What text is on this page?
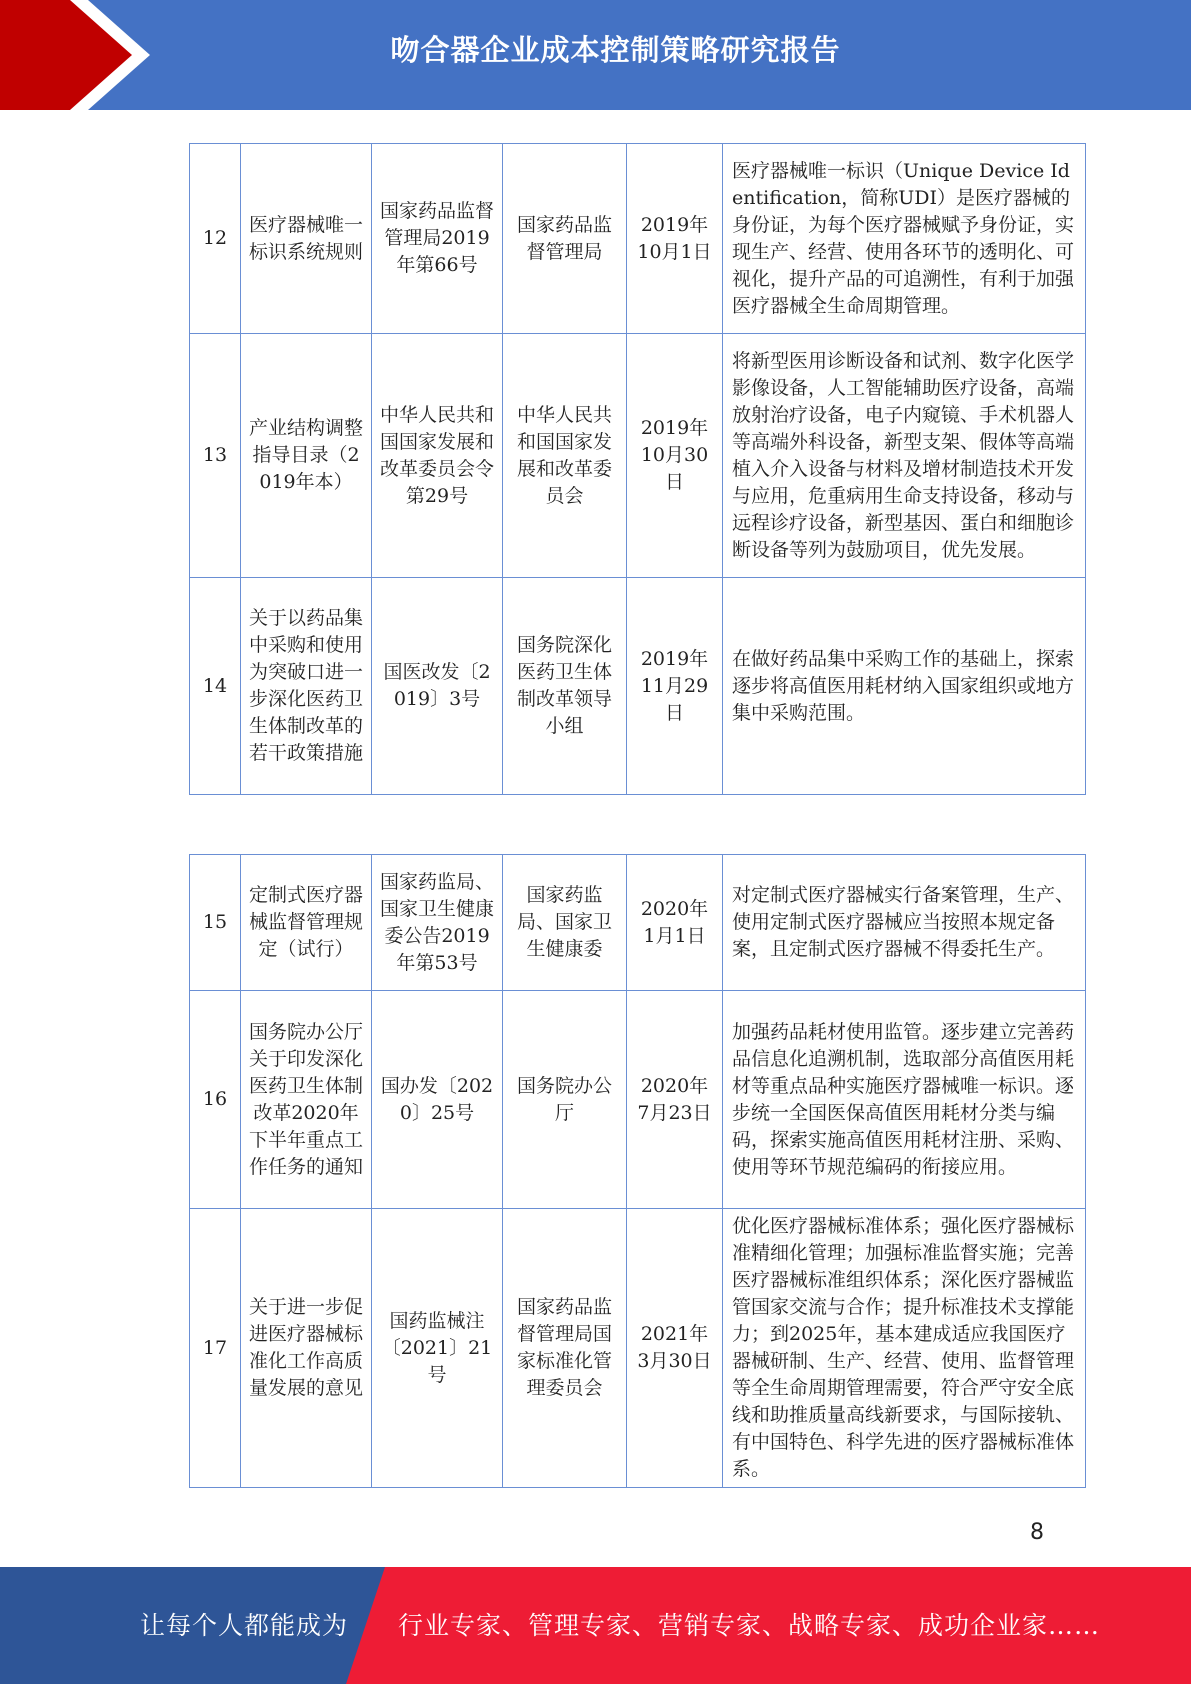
吻合器企业成本控制策略研究报告
12	医疗器械唯一标识系统规则	国家药品监督管理局2019年第66号	国家药品监督管理局	2019年10月1日	医疗器械唯一标识（Unique Device Identification，简称UDI）是医疗器械的身份证，为每个医疗器械赋予身份证，实现生产、经营、使用各环节的透明化、可视化，提升产品的可追溯性，有利于加强医疗器械全生命周期管理。
13	产业结构调整指导目录（2019年本）	中华人民共和国国家发展和改革委员会令第29号	中华人民共和国国家发展和改革委员会	2019年10月30日	将新型医用诊断设备和试剂、数字化医学影像设备，人工智能辅助医疗设备，高端放射治疗设备，电子内窥镜、手术机器人等高端外科设备，新型支架、假体等高端植入介入设备与材料及增材制造技术开发与应用，危重病用生命支持设备，移动与远程诊疗设备，新型基因、蛋白和细胞诊断设备等列为鼓励项目，优先发展。
14	关于以药品集中采购和使用为突破口进一步深化医药卫生体制改革的若干政策措施	国医改发〔2019〕3号	国务院深化医药卫生体制改革领导小组	2019年11月29日	在做好药品集中采购工作的基础上，探索逐步将高值医用耗材纳入国家组织或地方集中采购范围。
15	定制式医疗器械监督管理规定（试行）	国家药监局、国家卫生健康委公告2019年第53号	国家药监局、国家卫生健康委	2020年1月1日	对定制式医疗器械实行备案管理，生产、使用定制式医疗器械应当按照本规定备案，且定制式医疗器械不得委托生产。
16	国务院办公厅关于印发深化医药卫生体制改革2020年下半年重点工作任务的通知	国办发〔2020〕25号	国务院办公厅	2020年7月23日	加强药品耗材使用监管。逐步建立完善药品信息化追溯机制，选取部分高值医用耗材等重点品种实施医疗器械唯一标识。逐步统一全国医保高值医用耗材分类与编码，探索实施高值医用耗材注册、采购、使用等环节规范编码的衔接应用。
17	关于进一步促进医疗器械标准化工作高质量发展的意见	国药监械注〔2021〕21号	国家药品监督管理局国家标准化管理委员会	2021年3月30日	优化医疗器械标准体系；强化医疗器械标准精细化管理；加强标准监督实施；完善医疗器械标准组织体系；深化医疗器械监管国家交流与合作；提升标准技术支撑能力；到2025年，基本建成适应我国医疗器械研制、生产、经营、使用、监督管理等全生命周期管理需要，符合严守安全底线和助推质量高线新要求，与国际接轨、有中国特色、科学先进的医疗器械标准体系。
8
让每个人都能成为 行业专家、管理专家、营销专家、战略专家、成功企业家……
